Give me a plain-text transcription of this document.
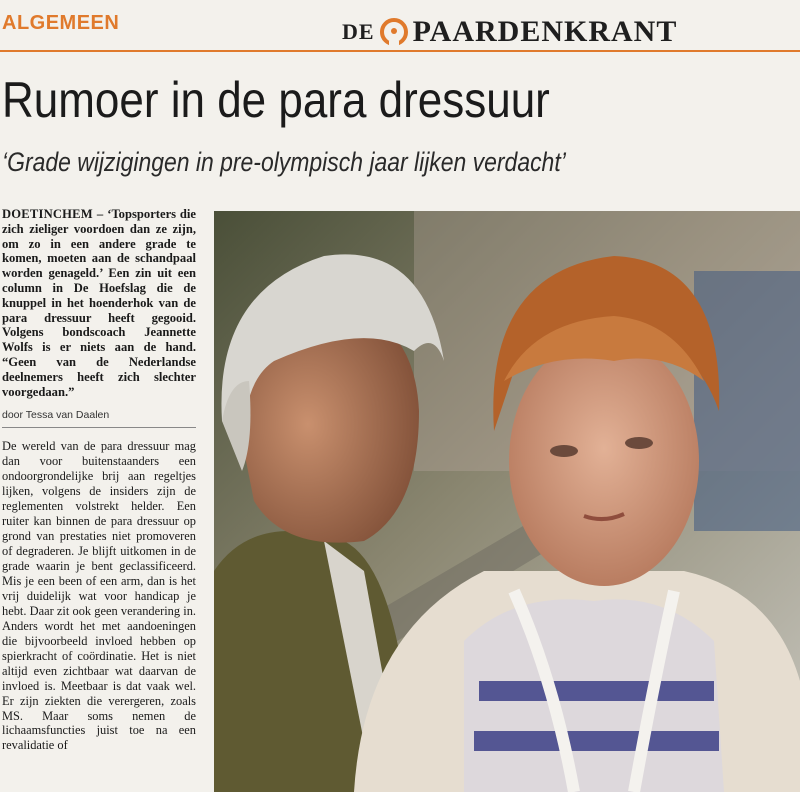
ALGEMEEN	DE PAARDENKRANT
Rumoer in de para dressuur
‘Grade wijzigingen in pre-olympisch jaar lijken verdacht’

DOETINCHEM – ‘Topsporters die zich zieliger voordoen dan ze zijn, om zo in een andere grade te komen, moeten aan de schandpaal worden genageld.’ Een zin uit een column in De Hoefslag die de knuppel in het hoenderhok van de para dressuur heeft gegooid. Volgens bondscoach Jeannette Wolfs is er niets aan de hand. “Geen van de Nederlandse deelnemers heeft zich slechter voorgedaan.”

door Tessa van Daalen

De wereld van de para dressuur mag dan voor buitenstaanders een ondoorgrondelijke brij aan regeltjes lijken, volgens de insiders zijn de reglementen volstrekt helder. Een ruiter kan binnen de para dressuur op grond van prestaties niet promoveren of degraderen. Je blijft uitkomen in de grade waarin je bent geclassificeerd. Mis je een been of een arm, dan is het vrij duidelijk wat voor handicap je hebt. Daar zit ook geen verandering in. Anders wordt het met aandoeningen die bijvoorbeeld invloed hebben op spierkracht of coördinatie. Het is niet altijd even zichtbaar wat daarvan de invloed is. Meetbaar is dat vaak wel. Er zijn ziekten die verergeren, zoals MS. Maar soms nemen de lichaamsfuncties juist toe na een revalidatie of
